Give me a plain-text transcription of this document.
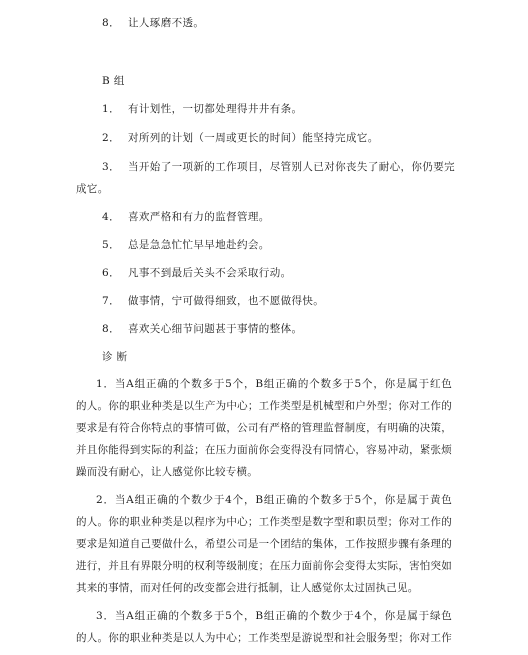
8． 让人琢磨不透。
B 组
1． 有计划性，一切都处理得井井有条。
2． 对所列的计划（一周或更长的时间）能坚持完成它。
3． 当开始了一项新的工作项目，尽管别人已对你丧失了耐心，你仍要完
成它。
4． 喜欢严格和有力的监督管理。
5． 总是急急忙忙早早地赴约会。
6． 凡事不到最后关头不会采取行动。
7． 做事情，宁可做得细致，也不愿做得快。
8． 喜欢关心细节问题甚于事情的整体。
诊 断
1．当A组正确的个数多于5个，B组正确的个数多于5个，你是属于红色
的人。你的职业种类是以生产为中心；工作类型是机械型和户外型；你对工作的
要求是有符合你特点的事情可做，公司有严格的管理监督制度，有明确的决策，
并且你能得到实际的利益；在压力面前你会变得没有同情心，容易冲动，紧张烦
躁而没有耐心，让人感觉你比较专横。
2．当A组正确的个数少于4个，B组正确的个数多于5个，你是属于黄色
的人。你的职业种类是以程序为中心；工作类型是数字型和职员型；你对工作的
要求是知道自己要做什么，希望公司是一个团结的集体，工作按照步骤有条理的
进行，并且有界限分明的权利等级制度；在压力面前你会变得太实际，害怕突如
其来的事情，而对任何的改变都会进行抵制，让人感觉你太过固执己见。
3．当A组正确的个数多于5个，B组正确的个数少于4个，你是属于绿色
的人。你的职业种类是以人为中心；工作类型是游说型和社会服务型；你对工作
